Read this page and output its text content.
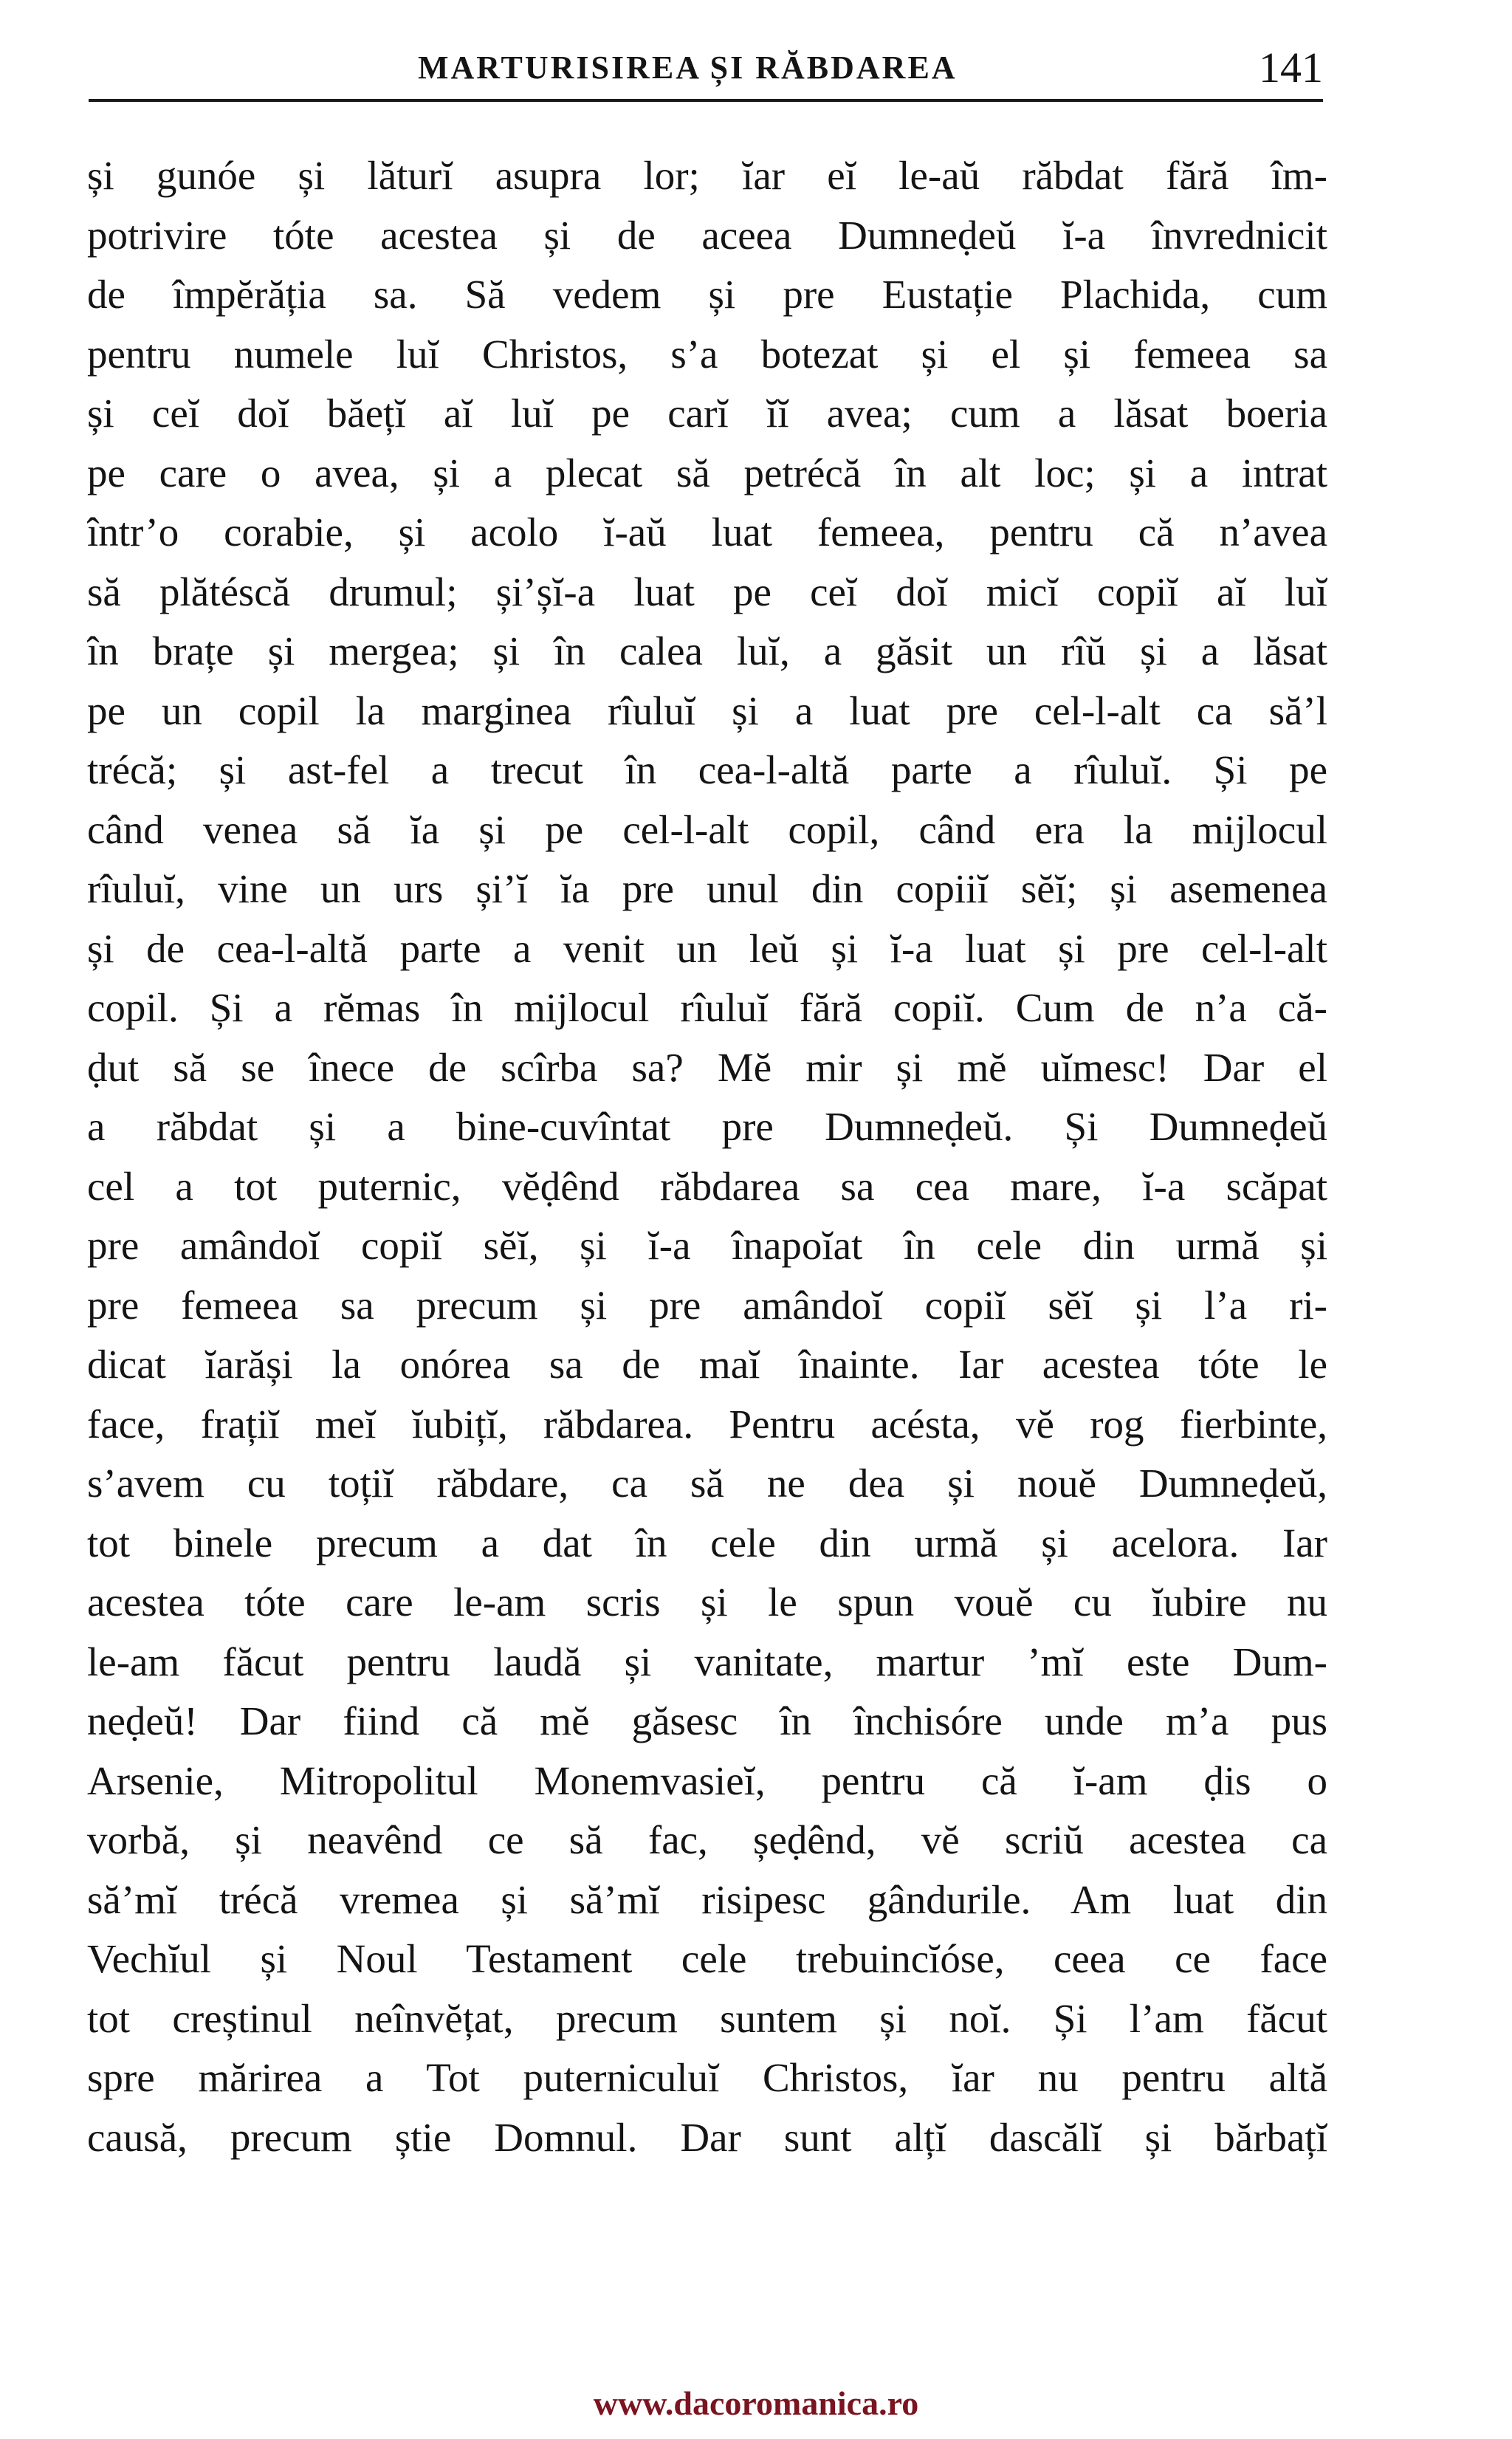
MARTURISIREA ȘI RĂBDAREA	141
și gunóe și lăturĭ asupra lor; ĭar eĭ le-aŭ răbdat fără îm-
potrivire tóte acestea și de aceea Dumneḍeŭ ĭ-a învrednicit
de împĕrăția sa. Să vedem și pre Eustație Plachida, cum
pentru numele luĭ Christos, s’a botezat și el și femeea sa
și ceĭ doĭ băețĭ aĭ luĭ pe carĭ ĭĭ avea; cum a lăsat boeria
pe care o avea, și a plecat să petrécă în alt loc; și a intrat
într’o corabie, și acolo ĭ-aŭ luat femeea, pentru că n’avea
să plătéscă drumul; și’șĭ-a luat pe ceĭ doĭ micĭ copiĭ aĭ luĭ
în brațe și mergea; și în calea luĭ, a găsit un rîŭ și a lăsat
pe un copil la marginea rîuluĭ și a luat pre cel-l-alt ca să’l
trécă; și ast-fel a trecut în cea-l-altă parte a rîuluĭ. Și pe
când venea să ĭa și pe cel-l-alt copil, când era la mijlocul
rîuluĭ, vine un urs și’ĭ ĭa pre unul din copiiĭ sĕĭ; și asemenea
și de cea-l-altă parte a venit un leŭ și ĭ-a luat și pre cel-l-alt
copil. Și a rĕmas în mijlocul rîuluĭ fără copiĭ. Cum de n’a că-
ḍut să se înece de scîrba sa? Mĕ mir și mĕ uĭmesc! Dar el
a răbdat și a bine-cuvîntat pre Dumneḍeŭ. Și Dumneḍeŭ
cel a tot puternic, vĕḍênd răbdarea sa cea mare, ĭ-a scăpat
pre amândoĭ copiĭ sĕĭ, și ĭ-a înapoĭat în cele din urmă și
pre femeea sa precum și pre amândoĭ copiĭ sĕĭ și l’a ri-
dicat ĭarăși la onórea sa de maĭ înainte. Iar acestea tóte le
face, frațiĭ meĭ ĭubițĭ, răbdarea. Pentru acésta, vĕ rog fierbinte,
s’avem cu toțiĭ răbdare, ca să ne dea și nouĕ Dumneḍeŭ,
tot binele precum a dat în cele din urmă și acelora. Iar
acestea tóte care le-am scris și le spun vouĕ cu ĭubire nu
le-am făcut pentru laudă și vanitate, martur ’mĭ este Dum-
neḍeŭ! Dar fiind că mĕ găsesc în închisóre unde m’a pus
Arsenie, Mitropolitul Monemvasieĭ, pentru că ĭ-am ḍis o
vorbă, și neavênd ce să fac, șeḍênd, vĕ scriŭ acestea ca
să’mĭ trécă vremea și să’mĭ risipesc gândurile. Am luat din
Vechĭul și Noul Testament cele trebuincĭóse, ceea ce face
tot creștinul neînvĕțat, precum suntem și noĭ. Și l’am făcut
spre mărirea a Tot puterniculuĭ Christos, ĭar nu pentru altă
causă, precum știe Domnul. Dar sunt alțĭ dascălĭ și bărbațĭ
www.dacoromanica.ro
